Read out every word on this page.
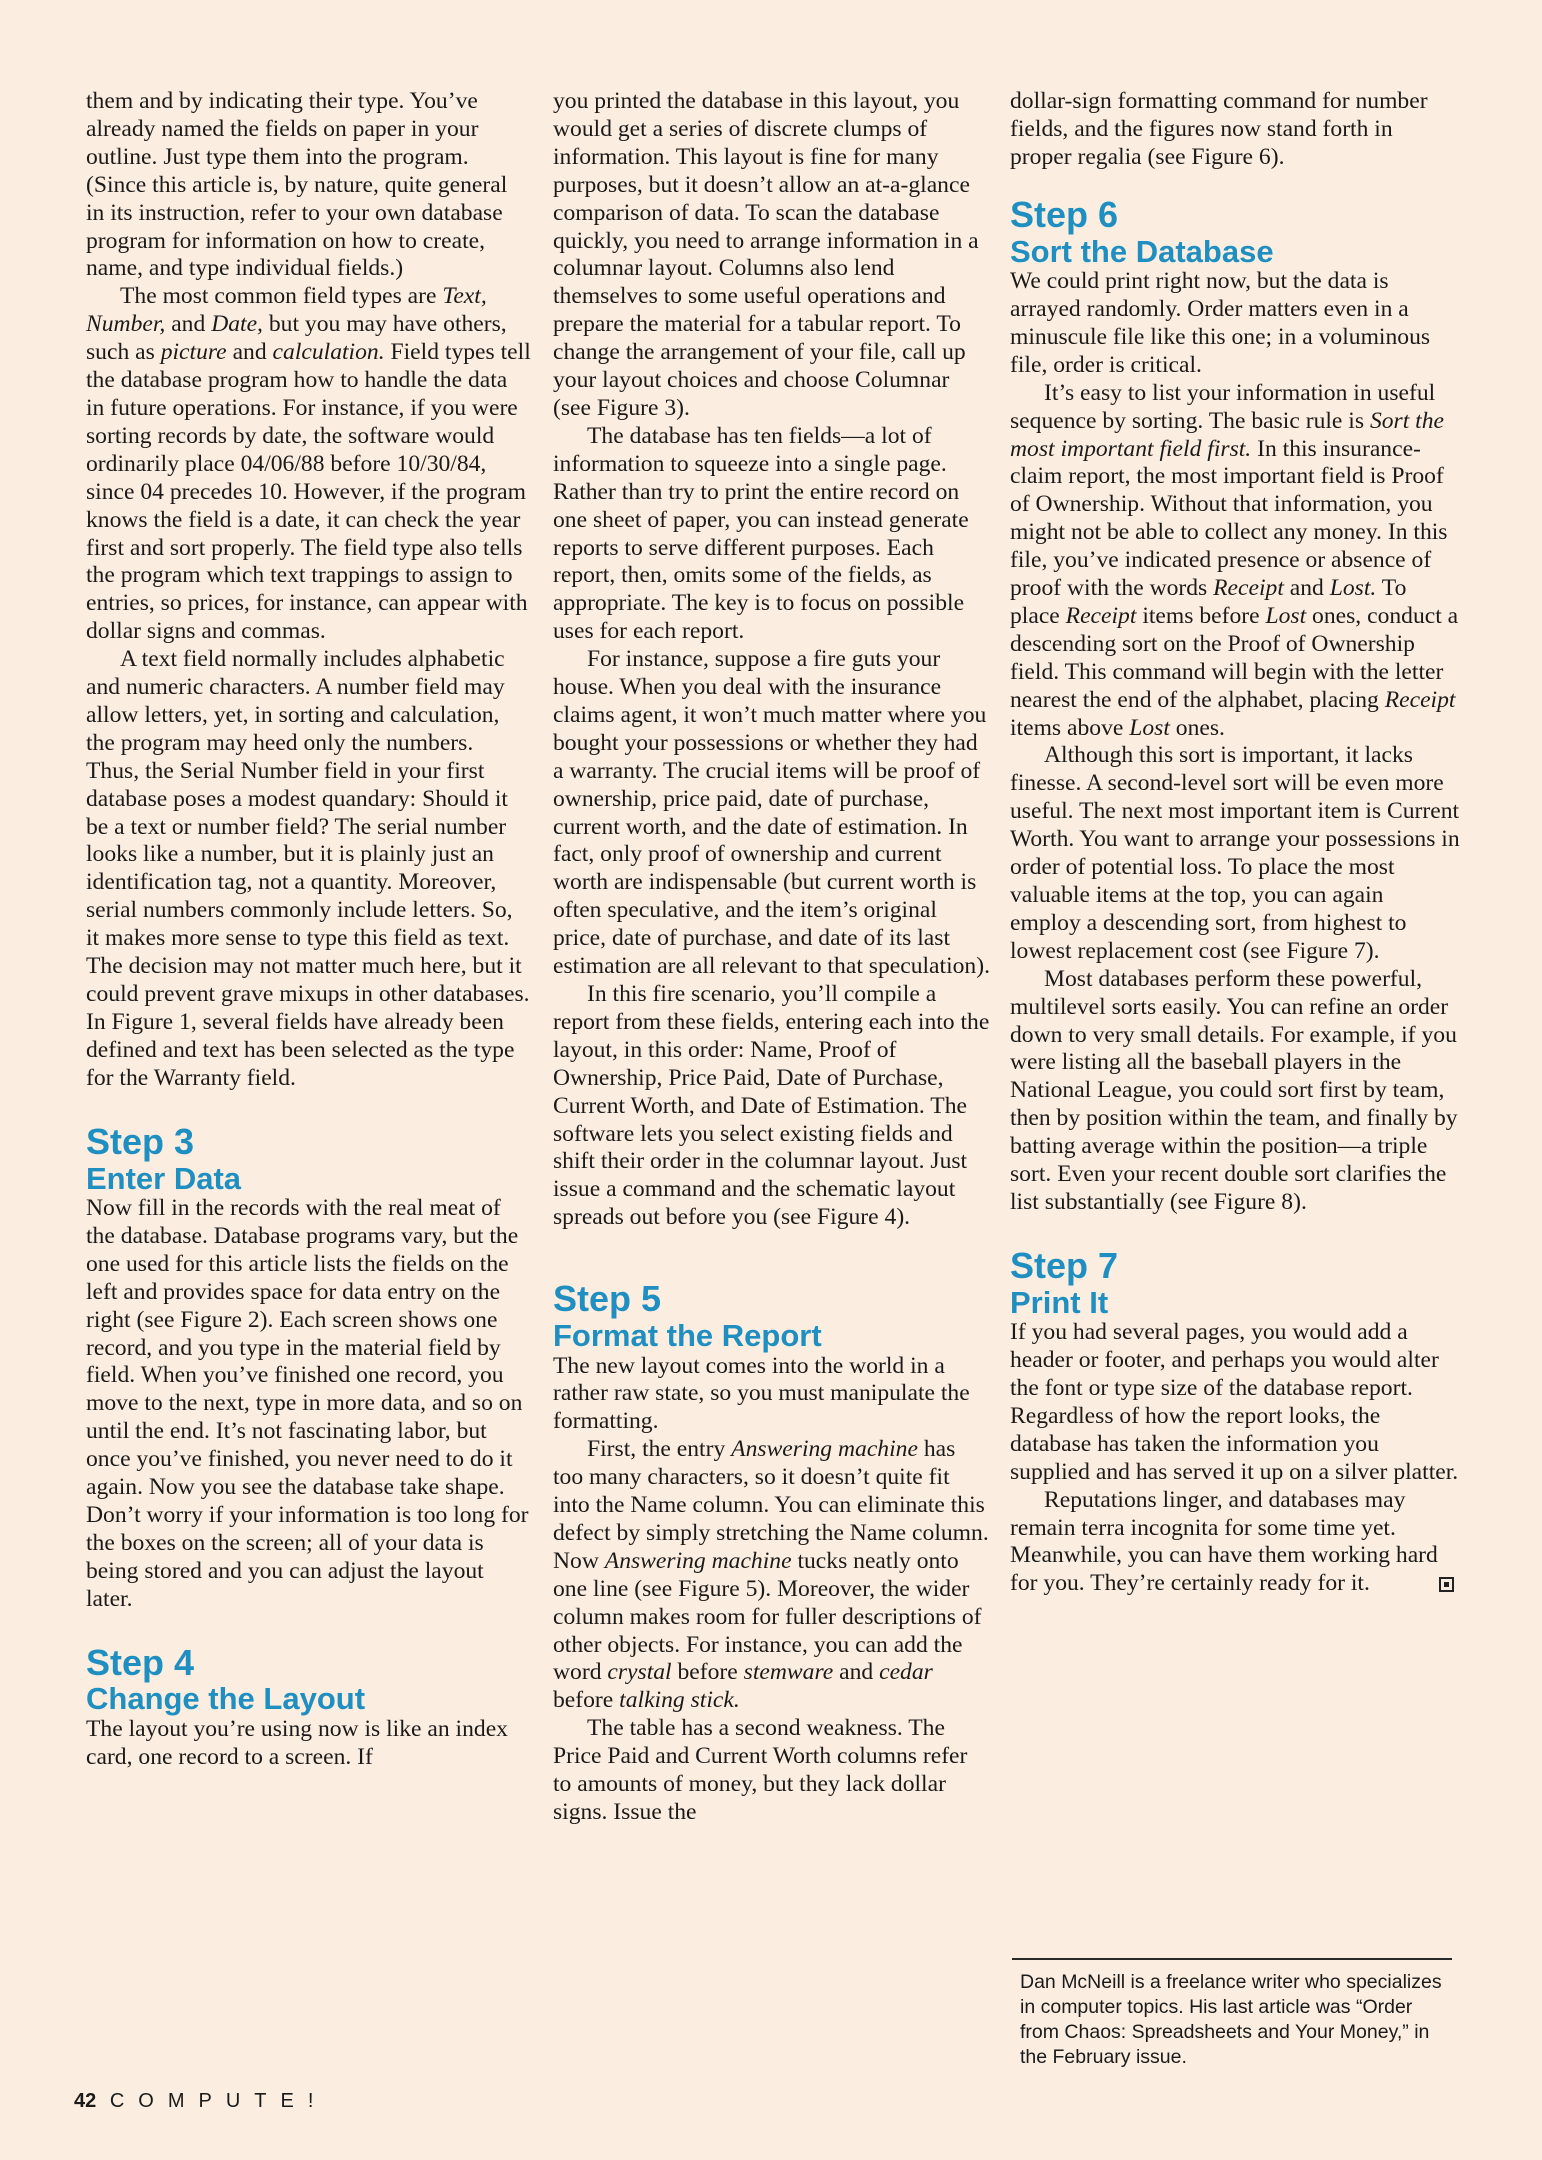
them and by indicating their type. You’ve already named the fields on paper in your outline. Just type them into the program. (Since this article is, by nature, quite general in its instruction, refer to your own database program for information on how to create, name, and type individual fields.)

The most common field types are Text, Number, and Date, but you may have others, such as picture and calculation. Field types tell the database program how to handle the data in future operations. For instance, if you were sorting records by date, the software would ordinarily place 04/06/88 before 10/30/84, since 04 precedes 10. However, if the program knows the field is a date, it can check the year first and sort properly. The field type also tells the program which text trappings to assign to entries, so prices, for instance, can appear with dollar signs and commas.

A text field normally includes alphabetic and numeric characters. A number field may allow letters, yet, in sorting and calculation, the program may heed only the numbers. Thus, the Serial Number field in your first database poses a modest quandary: Should it be a text or number field? The serial number looks like a number, but it is plainly just an identification tag, not a quantity. Moreover, serial numbers commonly include letters. So, it makes more sense to type this field as text. The decision may not matter much here, but it could prevent grave mixups in other databases. In Figure 1, several fields have already been defined and text has been selected as the type for the Warranty field.

Step 3
Enter Data

Now fill in the records with the real meat of the database. Database programs vary, but the one used for this article lists the fields on the left and provides space for data entry on the right (see Figure 2). Each screen shows one record, and you type in the material field by field. When you’ve finished one record, you move to the next, type in more data, and so on until the end. It’s not fascinating labor, but once you’ve finished, you never need to do it again. Now you see the database take shape. Don’t worry if your information is too long for the boxes on the screen; all of your data is being stored and you can adjust the layout later.

Step 4
Change the Layout

The layout you’re using now is like an index card, one record to a screen. If

you printed the database in this layout, you would get a series of discrete clumps of information. This layout is fine for many purposes, but it doesn’t allow an at-a-glance comparison of data. To scan the database quickly, you need to arrange information in a columnar layout. Columns also lend themselves to some useful operations and prepare the material for a tabular report. To change the arrangement of your file, call up your layout choices and choose Columnar (see Figure 3).

The database has ten fields—a lot of information to squeeze into a single page. Rather than try to print the entire record on one sheet of paper, you can instead generate reports to serve different purposes. Each report, then, omits some of the fields, as appropriate. The key is to focus on possible uses for each report.

For instance, suppose a fire guts your house. When you deal with the insurance claims agent, it won’t much matter where you bought your possessions or whether they had a warranty. The crucial items will be proof of ownership, price paid, date of purchase, current worth, and the date of estimation. In fact, only proof of ownership and current worth are indispensable (but current worth is often speculative, and the item’s original price, date of purchase, and date of its last estimation are all relevant to that speculation).

In this fire scenario, you’ll compile a report from these fields, entering each into the layout, in this order: Name, Proof of Ownership, Price Paid, Date of Purchase, Current Worth, and Date of Estimation. The software lets you select existing fields and shift their order in the columnar layout. Just issue a command and the schematic layout spreads out before you (see Figure 4).

Step 5
Format the Report

The new layout comes into the world in a rather raw state, so you must manipulate the formatting.

First, the entry Answering machine has too many characters, so it doesn’t quite fit into the Name column. You can eliminate this defect by simply stretching the Name column. Now Answering machine tucks neatly onto one line (see Figure 5). Moreover, the wider column makes room for fuller descriptions of other objects. For instance, you can add the word crystal before stemware and cedar before talking stick.

The table has a second weakness. The Price Paid and Current Worth columns refer to amounts of money, but they lack dollar signs. Issue the

dollar-sign formatting command for number fields, and the figures now stand forth in proper regalia (see Figure 6).

Step 6
Sort the Database

We could print right now, but the data is arrayed randomly. Order matters even in a minuscule file like this one; in a voluminous file, order is critical.

It’s easy to list your information in useful sequence by sorting. The basic rule is Sort the most important field first. In this insurance-claim report, the most important field is Proof of Ownership. Without that information, you might not be able to collect any money. In this file, you’ve indicated presence or absence of proof with the words Receipt and Lost. To place Receipt items before Lost ones, conduct a descending sort on the Proof of Ownership field. This command will begin with the letter nearest the end of the alphabet, placing Receipt items above Lost ones.

Although this sort is important, it lacks finesse. A second-level sort will be even more useful. The next most important item is Current Worth. You want to arrange your possessions in order of potential loss. To place the most valuable items at the top, you can again employ a descending sort, from highest to lowest replacement cost (see Figure 7).

Most databases perform these powerful, multilevel sorts easily. You can refine an order down to very small details. For example, if you were listing all the baseball players in the National League, you could sort first by team, then by position within the team, and finally by batting average within the position—a triple sort. Even your recent double sort clarifies the list substantially (see Figure 8).

Step 7
Print It

If you had several pages, you would add a header or footer, and perhaps you would alter the font or type size of the database report. Regardless of how the report looks, the database has taken the information you supplied and has served it up on a silver platter.

Reputations linger, and databases may remain terra incognita for some time yet. Meanwhile, you can have them working hard for you. They’re certainly ready for it.

Dan McNeill is a freelance writer who specializes in computer topics. His last article was “Order from Chaos: Spreadsheets and Your Money,” in the February issue.
42 COMPUTE!
